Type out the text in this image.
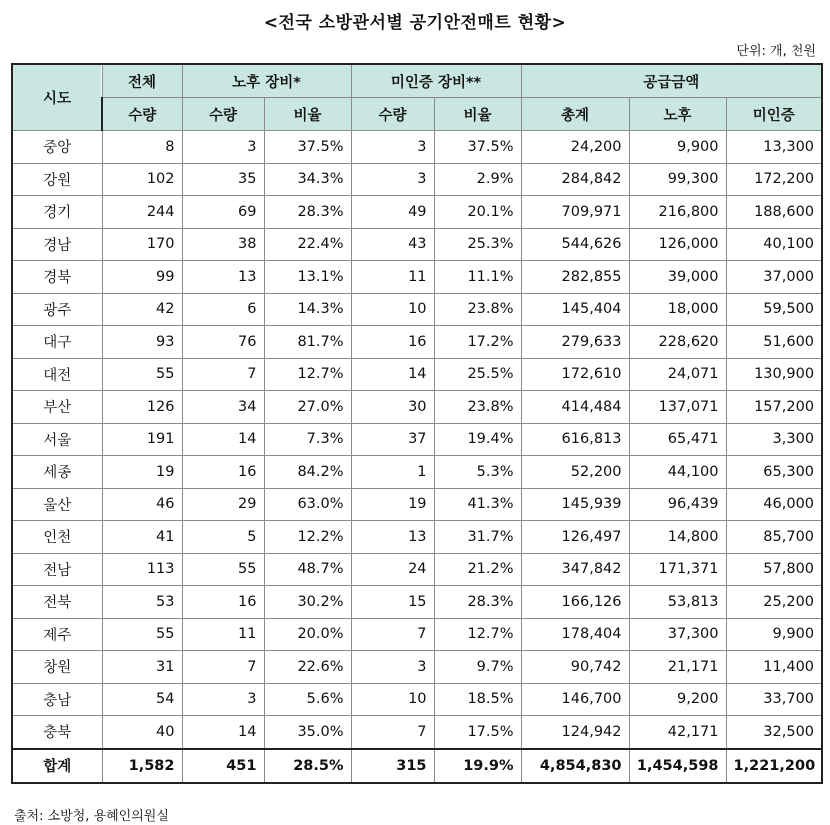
<전국 소방관서별 공기안전매트 현황>
단위: 개, 천원
시도	전체	노후 장비*		미인증 장비**		공급금액		
	수량	수량	비율	수량	비율	총계	노후	미인증
중앙	8	3	37.5%	3	37.5%	24,200	9,900	13,300
강원	102	35	34.3%	3	2.9%	284,842	99,300	172,200
경기	244	69	28.3%	49	20.1%	709,971	216,800	188,600
경남	170	38	22.4%	43	25.3%	544,626	126,000	40,100
경북	99	13	13.1%	11	11.1%	282,855	39,000	37,000
광주	42	6	14.3%	10	23.8%	145,404	18,000	59,500
대구	93	76	81.7%	16	17.2%	279,633	228,620	51,600
대전	55	7	12.7%	14	25.5%	172,610	24,071	130,900
부산	126	34	27.0%	30	23.8%	414,484	137,071	157,200
서울	191	14	7.3%	37	19.4%	616,813	65,471	3,300
세종	19	16	84.2%	1	5.3%	52,200	44,100	65,300
울산	46	29	63.0%	19	41.3%	145,939	96,439	46,000
인천	41	5	12.2%	13	31.7%	126,497	14,800	85,700
전남	113	55	48.7%	24	21.2%	347,842	171,371	57,800
전북	53	16	30.2%	15	28.3%	166,126	53,813	25,200
제주	55	11	20.0%	7	12.7%	178,404	37,300	9,900
창원	31	7	22.6%	3	9.7%	90,742	21,171	11,400
충남	54	3	5.6%	10	18.5%	146,700	9,200	33,700
충북	40	14	35.0%	7	17.5%	124,942	42,171	32,500
합계	1,582	451	28.5%	315	19.9%	4,854,830	1,454,598	1,221,200
출처: 소방청, 용혜인의원실
